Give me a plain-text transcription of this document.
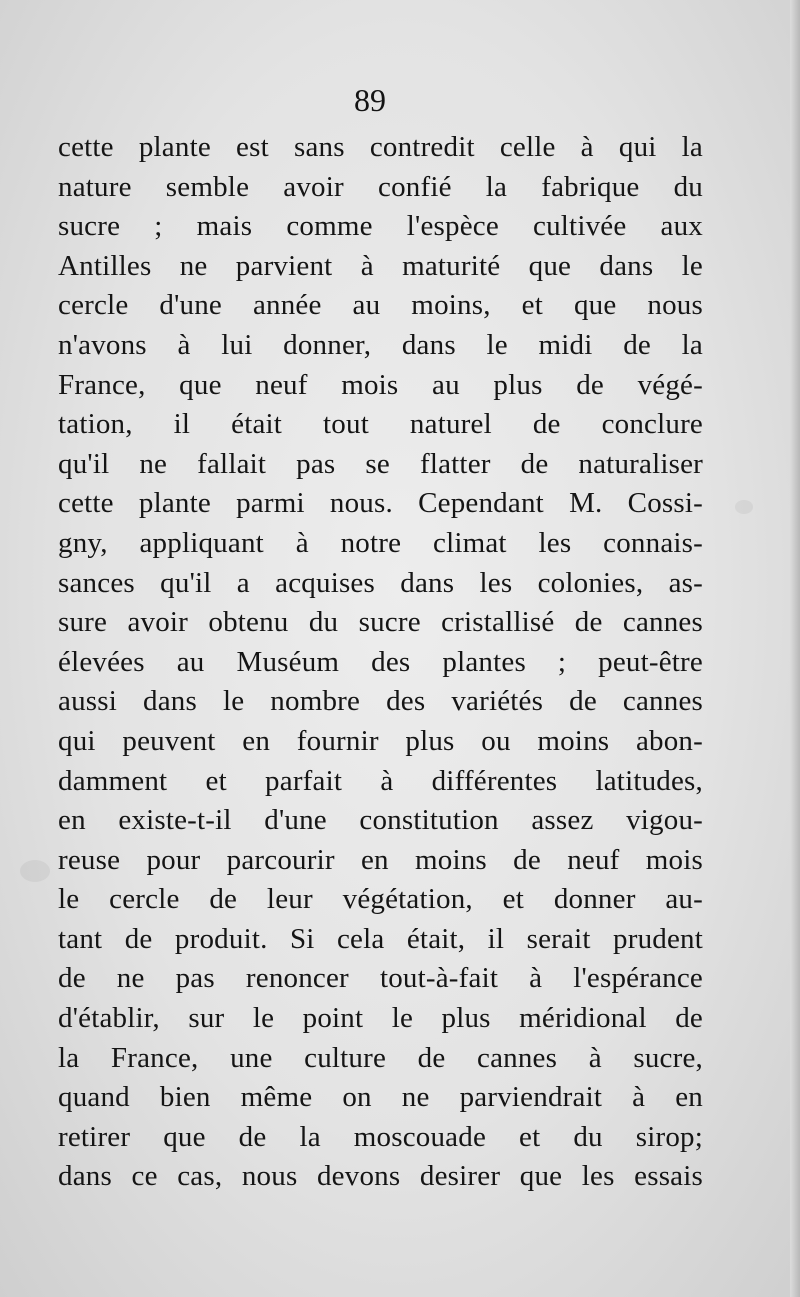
89
cette plante est sans contredit celle à qui la
nature semble avoir confié la fabrique du
sucre ; mais comme l'espèce cultivée aux
Antilles ne parvient à maturité que dans le
cercle d'une année au moins, et que nous
n'avons à lui donner, dans le midi de la
France, que neuf mois au plus de végé-
tation, il était tout naturel de conclure
qu'il ne fallait pas se flatter de naturaliser
cette plante parmi nous. Cependant M. Cossi-
gny, appliquant à notre climat les connais-
sances qu'il a acquises dans les colonies, as-
sure avoir obtenu du sucre cristallisé de cannes
élevées au Muséum des plantes ; peut-être
aussi dans le nombre des variétés de cannes
qui peuvent en fournir plus ou moins abon-
damment et parfait à différentes latitudes,
en existe-t-il d'une constitution assez vigou-
reuse pour parcourir en moins de neuf mois
le cercle de leur végétation, et donner au-
tant de produit. Si cela était, il serait prudent
de ne pas renoncer tout-à-fait à l'espérance
d'établir, sur le point le plus méridional de
la France, une culture de cannes à sucre,
quand bien même on ne parviendrait à en
retirer que de la moscouade et du sirop;
dans ce cas, nous devons desirer que les essais
